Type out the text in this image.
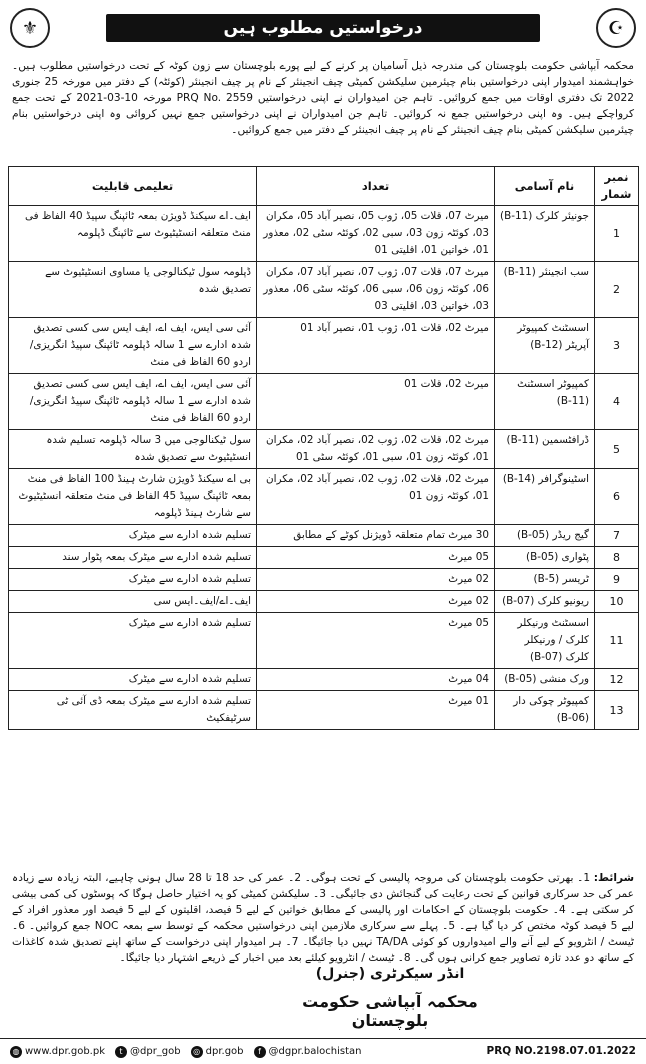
⚜	درخواستیں مطلوب ہیں	☪
محکمہ آبپاشی حکومت بلوچستان کی مندرجہ ذیل آسامیان پر کرنے کے لیے پورے بلوچستان سے زون کوٹہ کے تحت درخواستیں مطلوب ہیں۔ خواہشمند امیدوار اپنی درخواستیں بنام چیئرمین سلیکشن کمیٹی چیف انجینئر کے نام پر چیف انجینئر (کوئٹہ) کے دفتر میں مورخہ 25 جنوری 2022 تک دفتری اوقات میں جمع کروائیں۔ تاہم جن امیدواران نے اپنی درخواستیں PRQ No. 2559 مورخہ 10-03-2021 کے تحت جمع کرواچکے ہیں۔ وہ اپنی درخواستیں جمع نہ کروائیں۔ تاہم جن امیدواران نے اپنی درخواستیں جمع نہیں کروائی وہ اپنی درخواستیں بنام چیئرمین سلیکشن کمیٹی بنام چیف انجینئر کے نام پر چیف انجینئر کے دفتر میں جمع کروائیں۔
نمبر شمار	نام آسامی	تعداد	تعلیمی قابلیت
1	جونیئر کلرک (B-11)	میرٹ 07، قلات 05، ژوب 05، نصیر آباد 05، مکران 03، کوئٹہ زون 03، سبی 02، کوئٹہ سٹی 02، معذور 01، خواتین 01، اقلیتی 01	ایف۔اے سیکنڈ ڈویژن بمعہ ٹائپنگ سپیڈ 40 الفاظ فی منٹ متعلقہ انسٹیٹیوٹ سے ٹائپنگ ڈپلومہ
2	سب انجینئر (B-11)	میرٹ 07، قلات 07، ژوب 07، نصیر آباد 07، مکران 06، کوئٹہ زون 06، سبی 06، کوئٹہ سٹی 06، معذور 03، خواتین 03، اقلیتی 03	ڈپلومہ سول ٹیکنالوجی یا مساوی انسٹیٹیوٹ سے تصدیق شدہ
3	اسسٹنٹ کمپیوٹر آپریٹر (B-12)	میرٹ 02، قلات 01، ژوب 01، نصیر آباد 01	آئی سی ایس، ایف اے، ایف ایس سی کسی تصدیق شدہ ادارے سے 1 سالہ ڈپلومہ ٹائپنگ سپیڈ انگریزی/اردو 60 الفاظ فی منٹ
4	کمپیوٹر اسسٹنٹ (B-11)	میرٹ 02، قلات 01	آئی سی ایس، ایف اے، ایف ایس سی کسی تصدیق شدہ ادارے سے 1 سالہ ڈپلومہ ٹائپنگ سپیڈ انگریزی/اردو 60 الفاظ فی منٹ
5	ڈرافٹسمین (B-11)	میرٹ 02، قلات 02، ژوب 02، نصیر آباد 02، مکران 01، کوئٹہ زون 01، سبی 01، کوئٹہ سٹی 01	سول ٹیکنالوجی میں 3 سالہ ڈپلومہ تسلیم شدہ انسٹیٹیوٹ سے تصدیق شدہ
6	اسٹینوگرافر (B-14)	میرٹ 02، قلات 02، ژوب 02، نصیر آباد 02، مکران 01، کوئٹہ زون 01	بی اے سیکنڈ ڈویژن شارٹ ہینڈ 100 الفاظ فی منٹ بمعہ ٹائپنگ سپیڈ 45 الفاظ فی منٹ متعلقہ انسٹیٹیوٹ سے شارٹ ہینڈ ڈپلومہ
7	گیج ریڈر (B-05)	30 میرٹ تمام متعلقہ ڈویژنل کوٹے کے مطابق	تسلیم شدہ ادارے سے میٹرک
8	پٹواری (B-05)	05 میرٹ	تسلیم شدہ ادارے سے میٹرک بمعہ پٹوار سند
9	ٹریسر (B-5)	02 میرٹ	تسلیم شدہ ادارے سے میٹرک
10	ریونیو کلرک (B-07)	02 میرٹ	ایف۔اے/ایف۔ایس سی
11	اسسٹنٹ ورنیکلر کلرک / ورنیکلر کلرک (B-07)	05 میرٹ	تسلیم شدہ ادارے سے میٹرک
12	ورک منشی (B-05)	04 میرٹ	تسلیم شدہ ادارے سے میٹرک
13	کمپیوٹر چوکی دار (B-06)	01 میرٹ	تسلیم شدہ ادارے سے میٹرک بمعہ ڈی آئی ٹی سرٹیفکیٹ
شرائط: 1۔ بھرتی حکومت بلوچستان کی مروجہ پالیسی کے تحت ہوگی۔ 2۔ عمر کی حد 18 تا 28 سال ہونی چاہیے، البتہ زیادہ سے زیادہ عمر کی حد سرکاری قوانین کے تحت رعایت کی گنجائش دی جائیگی۔ 3۔ سلیکشن کمیٹی کو یہ اختیار حاصل ہوگا کہ پوسٹوں کی کمی بیشی کر سکتی ہے۔ 4۔ حکومت بلوچستان کے احکامات اور پالیسی کے مطابق خواتین کے لیے 5 فیصد، اقلیتوں کے لیے 5 فیصد اور معذور افراد کے لیے 5 فیصد کوٹہ مختص کر دیا گیا ہے۔ 5۔ پہلے سے سرکاری ملازمین اپنی درخواستیں محکمہ کے توسط سے بمعہ NOC جمع کروائیں۔ 6۔ ٹیسٹ / انٹرویو کے لیے آنے والے امیدواروں کو کوئی TA/DA نہیں دیا جائیگا۔ 7۔ ہر امیدوار اپنی درخواست کے ساتھ اپنے تصدیق شدہ کاغذات کے ساتھ دو عدد تازہ تصاویر جمع کرانی ہوں گی۔ 8۔ ٹیسٹ / انٹرویو کیلئے بعد میں اخبار کے ذریعے اشتہار دیا جائیگا۔
انڈر سیکرٹری (جنرل)
محکمہ آبپاشی حکومت بلوچستان
◍ www.dpr.gob.pk	t @dpr_gob	◎ dpr.gob	f @dgpr.balochistan	PRQ NO.2198.07.01.2022
